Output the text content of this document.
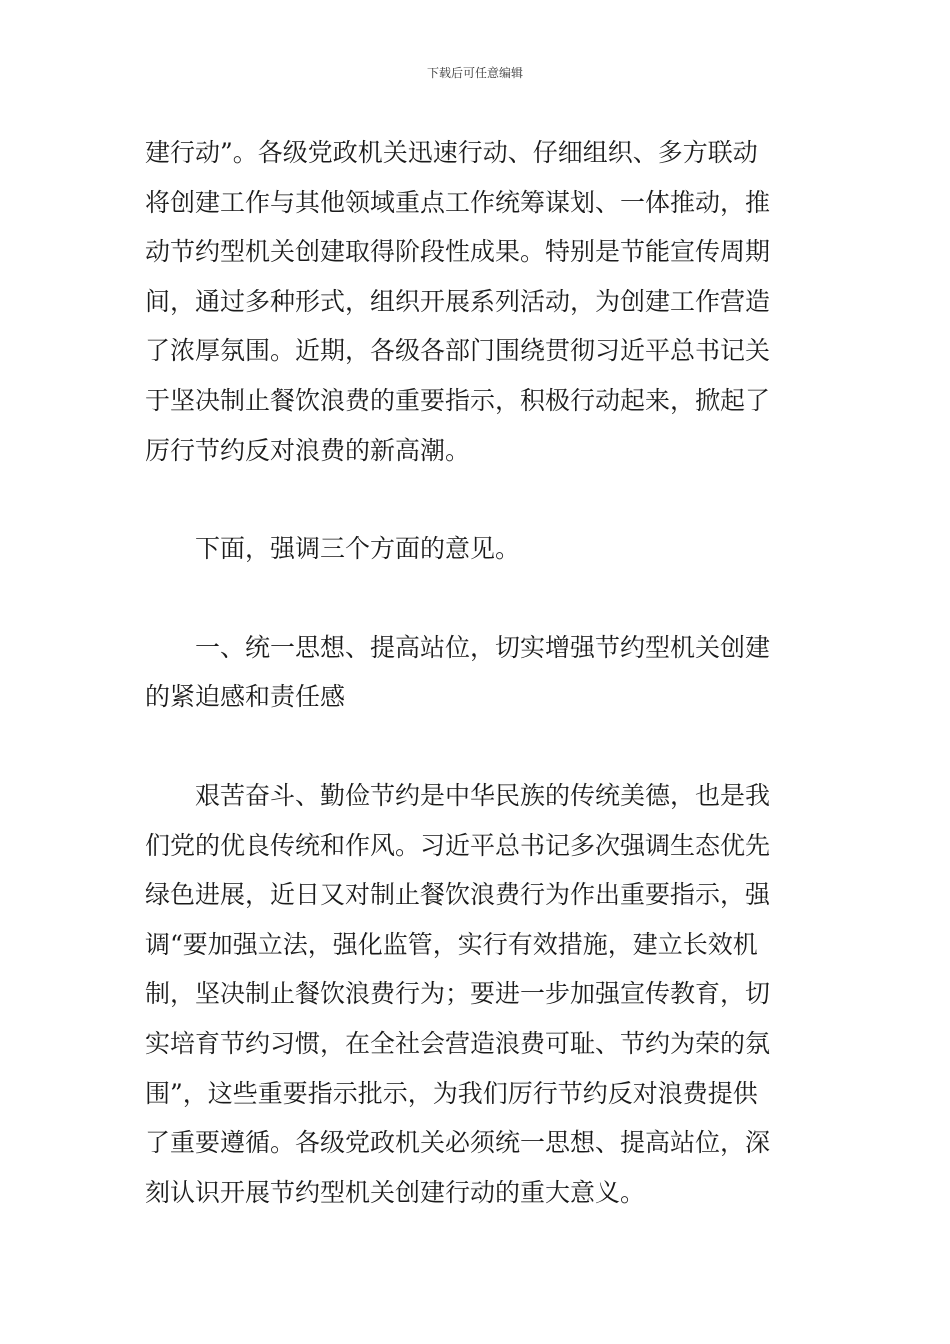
下载后可任意编辑
建行动”。各级党政机关迅速行动、仔细组织、多方联动
将创建工作与其他领域重点工作统筹谋划、一体推动，推
动节约型机关创建取得阶段性成果。特别是节能宣传周期
间，通过多种形式，组织开展系列活动，为创建工作营造
了浓厚氛围。近期，各级各部门围绕贯彻习近平总书记关
于坚决制止餐饮浪费的重要指示，积极行动起来，掀起了
厉行节约反对浪费的新高潮。
下面，强调三个方面的意见。
一、统一思想、提高站位，切实增强节约型机关创建
的紧迫感和责任感
艰苦奋斗、勤俭节约是中华民族的传统美德，也是我
们党的优良传统和作风。习近平总书记多次强调生态优先
绿色进展，近日又对制止餐饮浪费行为作出重要指示，强
调“要加强立法，强化监管，实行有效措施，建立长效机
制，坚决制止餐饮浪费行为；要进一步加强宣传教育，切
实培育节约习惯，在全社会营造浪费可耻、节约为荣的氛
围”，这些重要指示批示，为我们厉行节约反对浪费提供
了重要遵循。各级党政机关必须统一思想、提高站位，深
刻认识开展节约型机关创建行动的重大意义。
